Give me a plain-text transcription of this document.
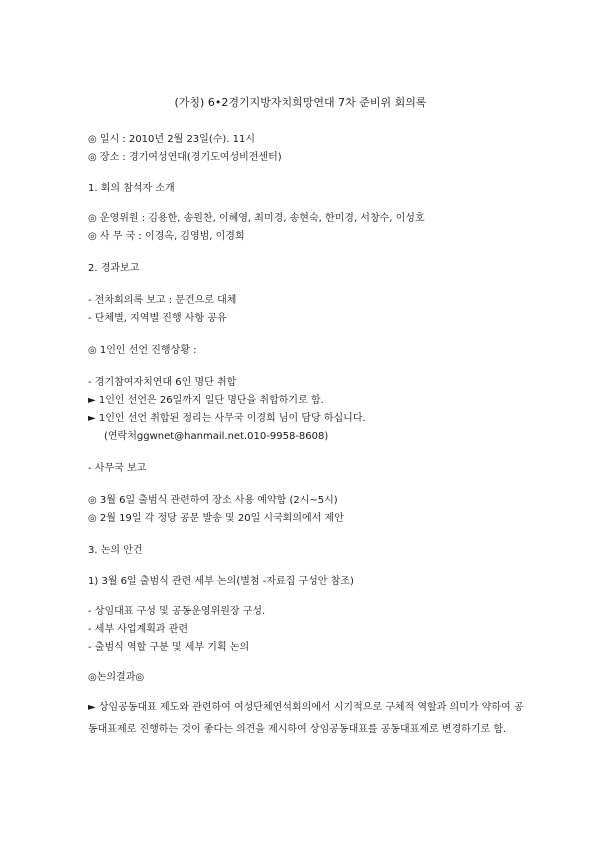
(가칭) 6•2경기지방자치희망연대 7차 준비위 회의록

◎ 일시 : 2010년 2월 23일(수). 11시

◎ 장소 : 경기여성연대(경기도여성비전센터)

1. 회의 참석자 소개

◎ 운영위원 : 김용한, 송원찬, 이혜영, 최미경, 송현숙, 한미경, 서창수, 이성호

◎ 사 무 국 : 이경옥, 김영범, 이경희

2. 경과보고

- 전차회의록 보고 : 문건으로 대체

- 단체별, 지역별 진행 사항 공유

◎ 1인인 선언 진행상황 :

- 경기참여자치연대 6인 명단 취합

► 1인인 선언은 26일까지 일단 명단을 취합하기로 함.

► 1인인 선언 취합된 정리는 사무국 이경희 님이 담당 하십니다.

(연락처ggwnet@hanmail.net.010-9958-8608)

- 사무국 보고

◎ 3월 6일 출범식 관련하여 장소 사용 예약함 (2시~5시)

◎ 2월 19일 각 정당 공문 발송 및 20일 시국회의에서 제안

3. 논의 안건

1) 3월 6일 출범식 관련 세부 논의(별첨 -자료집 구성안 참조)

- 상임대표 구성 및 공동운영위원장 구성.

- 세부 사업계획과 관련

- 출범식 역할 구분 및 세부 기획 논의

◎논의결과◎

► 상임공동대표 제도와 관련하여 여성단체연석회의에서 시기적으로 구체적 역할과 의미가 약하여 공동대표제로 진행하는 것이 좋다는 의견을 제시하여 상임공동대표를 공동대표제로 변경하기로 함.
